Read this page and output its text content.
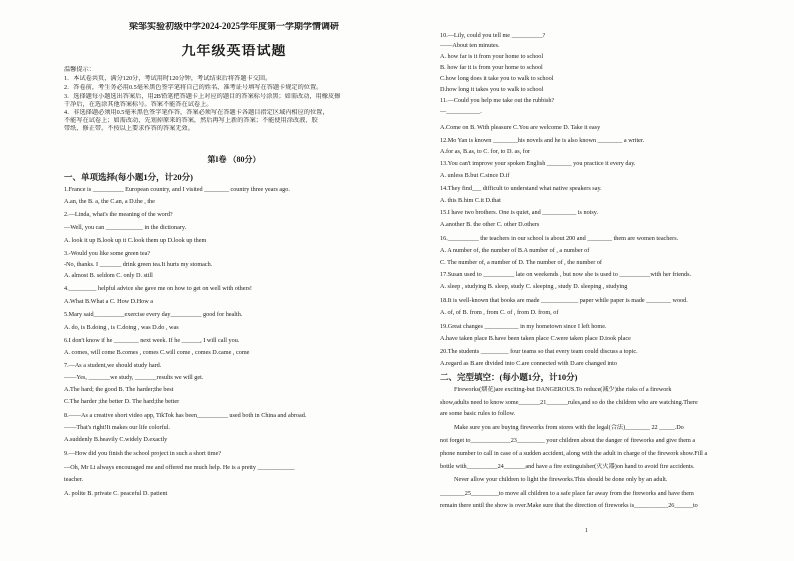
梁邹实验初级中学2024-2025学年度第一学期学情调研
九年级英语试题
温馨提示：
1．本试卷共页，满分120分，考试用时120分钟，考试结束后将答题卡交回。
2．答卷前，考生务必用0.5毫米黑色签字笔将自己的姓名、准考证号填写在答题卡规定的位置。
3．选择题每小题选出答案后，用2B铅笔把答题卡上对应的题目的答案标号涂黑；如需改动，用橡皮擦
干净后，在选涂其他答案标号。答案不能答在试卷上。
4．非选择题必须用0.5毫米黑色签字笔作答，答案必须写在答题卡各题目指定区域内相应的位置，
不能写在试卷上；如需改动，先划掉原来的答案，然后再写上新的答案；不能使用涂改液、胶
带纸、修正带。不按以上要求作答的答案无效。
第I卷 （80分）
一、单项选择(每小题1分，计20分)
1.France is __________ European country, and I visited ________ country three years ago.
A.an, the B. a, the C.an, a D.the , the
2.—Linda, what's the meaning of the word?
—Well, you can ____________ in the dictionary.
A. look it up B.look up it C.look them up D.look up them
3.-Would you like some green tea?
-No, thanks. I _______ drink green tea.It hurts my stomach.
A. almost B. seldom C. only D. still
4._________ helpful advice she gave me on how to get on well with others!
A.What B.What a C. How D.How a
5.Mary said__________exercise every day__________ good for health.
A. do, is B.doing , is C.doing , was D.do , was
6.I don't know if he ________ next week. If he ______, I will call you.
A. comes, will come B.comes , comes C.will come , comes D.came , come
7.—As a student,we should study hard.
——Yes, _______we study, _______results we will get.
A.The hard; the good B. The harder;the best
C.The harder ;the better D. The hard;the better
8.——As a creative short video app, TikTok has been__________ used both in China and abroad.
——That's right!It makes our life colorful.
A.suddenly B.heavily C.widely D.exactly
9.—How did you finish the school project in such a short time?
—Oh, Mr Li always encouraged me and offered me much help. He is a pretty ____________
teacher.
A. polite B. private C. peaceful D. patient
10.—Lily, could you tell me __________?
——About ten minutes.
A. how far is it from your home to school
B. how far it is from your home to school
C.how long does it take you to walk to school
D.how long it takes you to walk to school
11.—Could you help me take out the rubbish?
—___________.
A.Come on B. With pleasure C.You are welcome D. Take it easy
12.Mo Yan is known ________his novels and he is also known ________ a writer.
A.for as, B.as, to C. for, to D. as, for
13.You can't improve your spoken English ________ you practice it every day.
A. unless B.but C.since D.if
14.They find___ difficult to understand what native speakers say.
A. this B.him C.it D.that
15.I have two brothers. One is quiet, and ___________ is noisy.
A.another B. the other C. other D.others
16.__________ the teachers in our school is about 200 and ________ them are women teachers.
A. A number of, the number of B.A number of , a number of
C. The number of, a number of D. The number of , the number of
17.Susan used to __________ late on weekends , but now she is used to __________with her friends.
A. sleep , studying B. sleep, study C. sleeping , study D. sleeping , studying
18.It is well-known that books are made ____________ paper while paper is made ________ wood.
A. of, of B. from , from C. of , from D. from, of
19.Great changes ___________ in my hometown since I left home.
A.have taken place B.have been taken place C.were taken place D.took place
20.The students _________ four teams so that every team could discuss a topic.
A.regard as B.are divided into C.are connected with D.are changed into
二、完型填空：(每小题1分，计10分)
Fireworks(烟花)are exciting-but DANGEROUS.To reduce(减少)the risks of a firework
show,adults need to know some_______21_______rules,and so do the children who are watching.There
are some basic rules to follow.
Make sure you are buying fireworks from stores with the legal(合法)________ 22 _____.Do
not forget to_____________23_________ your children about the danger of fireworks and give them a
phone number to call in case of a sudden accident, along with the adult in charge of the firework show.Fill a
bottle with__________24_______and have a fire extinguisher(灭火器)on hand to avoid fire accidents.
Never allow your children to light the fireworks.This should be done only by an adult.
________25_________to move all children to a safe place far away from the fireworks and have them
remain there until the show is over.Make sure that the direction of fireworks is___________26______to
1
